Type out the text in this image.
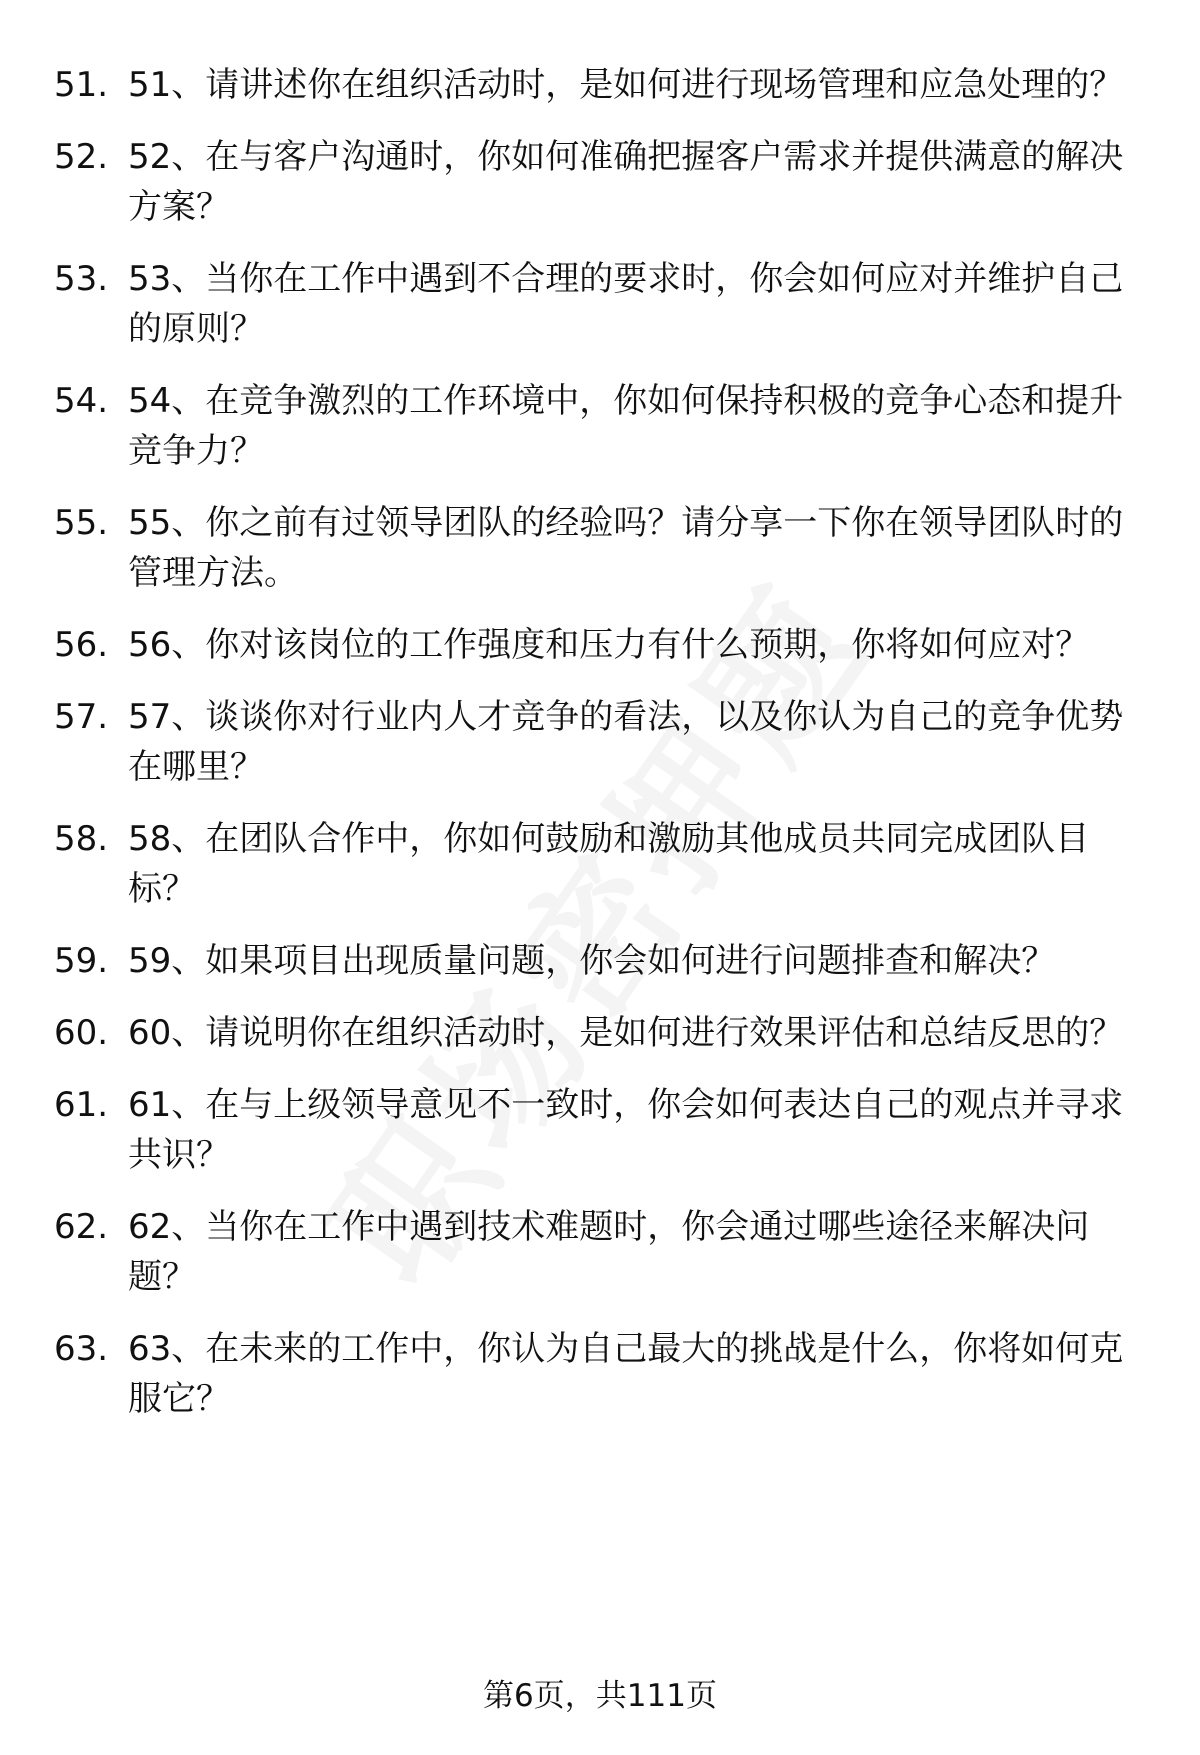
51. 51、请讲述你在组织活动时，是如何进行现场管理和应急处理的？
52. 52、在与客户沟通时，你如何准确把握客户需求并提供满意的解决方案？
53. 53、当你在工作中遇到不合理的要求时，你会如何应对并维护自己的原则？
54. 54、在竞争激烈的工作环境中，你如何保持积极的竞争心态和提升竞争力？
55. 55、你之前有过领导团队的经验吗？请分享一下你在领导团队时的管理方法。
56. 56、你对该岗位的工作强度和压力有什么预期，你将如何应对？
57. 57、谈谈你对行业内人才竞争的看法，以及你认为自己的竞争优势在哪里？
58. 58、在团队合作中，你如何鼓励和激励其他成员共同完成团队目标？
59. 59、如果项目出现质量问题，你会如何进行问题排查和解决？
60. 60、请说明你在组织活动时，是如何进行效果评估和总结反思的？
61. 61、在与上级领导意见不一致时，你会如何表达自己的观点并寻求共识？
62. 62、当你在工作中遇到技术难题时，你会通过哪些途径来解决问题？
63. 63、在未来的工作中，你认为自己最大的挑战是什么，你将如何克服它？
第6页，共111页
